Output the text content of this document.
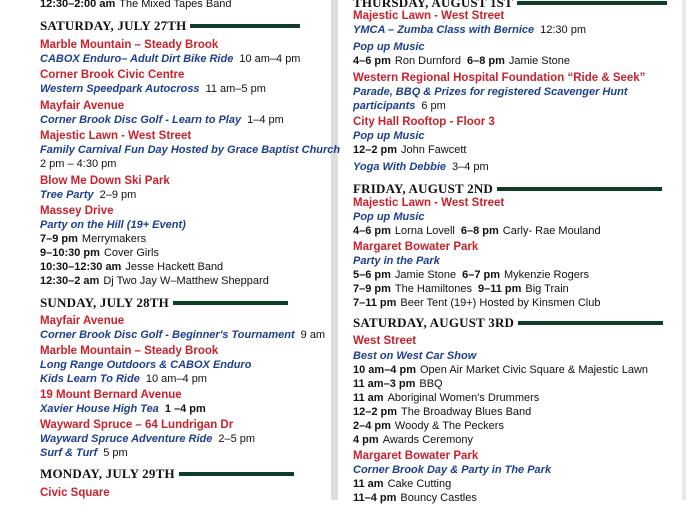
12:30–2:00 am The Mixed Tapes Band
SATURDAY, JULY 27TH
Marble Mountain – Steady Brook
CABOX Enduro– Adult Dirt Bike Ride 10 am–4 pm
Corner Brook Civic Centre
Western Speedpark Autocross 11 am–5 pm
Mayfair Avenue
Corner Brook Disc Golf - Learn to Play 1–4 pm
Majestic Lawn - West Street
Family Carnival Fun Day Hosted by Grace Baptist Church
2 pm – 4:30 pm
Blow Me Down Ski Park
Tree Party 2–9 pm
Massey Drive
Party on the Hill (19+ Event)
7–9 pm Merrymakers
9–10:30 pm Cover Girls
10:30–12:30 am Jesse Hackett Band
12:30–2 am Dj Two Jay W–Matthew Sheppard
SUNDAY, JULY 28TH
Mayfair Avenue
Corner Brook Disc Golf - Beginner's Tournament 9 am
Marble Mountain – Steady Brook
Long Range Outdoors & CABOX Enduro
Kids Learn To Ride 10 am–4 pm
19 Mount Bernard Avenue
Xavier House High Tea 1 –4 pm
Wayward Spruce – 64 Lundrigan Dr
Wayward Spruce Adventure Ride 2–5 pm
Surf & Turf 5 pm
MONDAY, JULY 29TH
Civic Square
THURSDAY, AUGUST 1ST
Majestic Lawn - West Street
YMCA – Zumba Class with Bernice 12:30 pm
Pop up Music
4–6 pm Ron Durnford 6–8 pm Jamie Stone
Western Regional Hospital Foundation “Ride & Seek”
Parade, BBQ & Prizes for registered Scavenger Hunt
participants 6 pm
City Hall Rooftop - Floor 3
Pop up Music
12–2 pm John Fawcett
Yoga With Debbie 3–4 pm
FRIDAY, AUGUST 2ND
Majestic Lawn - West Street
Pop up Music
4–6 pm Lorna Lovell 6–8 pm Carly- Rae Mouland
Margaret Bowater Park
Party in the Park
5–6 pm Jamie Stone 6–7 pm Mykenzie Rogers
7–9 pm The Hamiltones 9–11 pm Big Train
7–11 pm Beer Tent (19+) Hosted by Kinsmen Club
SATURDAY, AUGUST 3RD
West Street
Best on West Car Show
10 am–4 pm Open Air Market Civic Square & Majestic Lawn
11 am–3 pm BBQ
11 am Aboriginal Women's Drummers
12–2 pm The Broadway Blues Band
2–4 pm Woody & The Peckers
4 pm Awards Ceremony
Margaret Bowater Park
Corner Brook Day & Party in The Park
11 am Cake Cutting
11–4 pm Bouncy Castles
